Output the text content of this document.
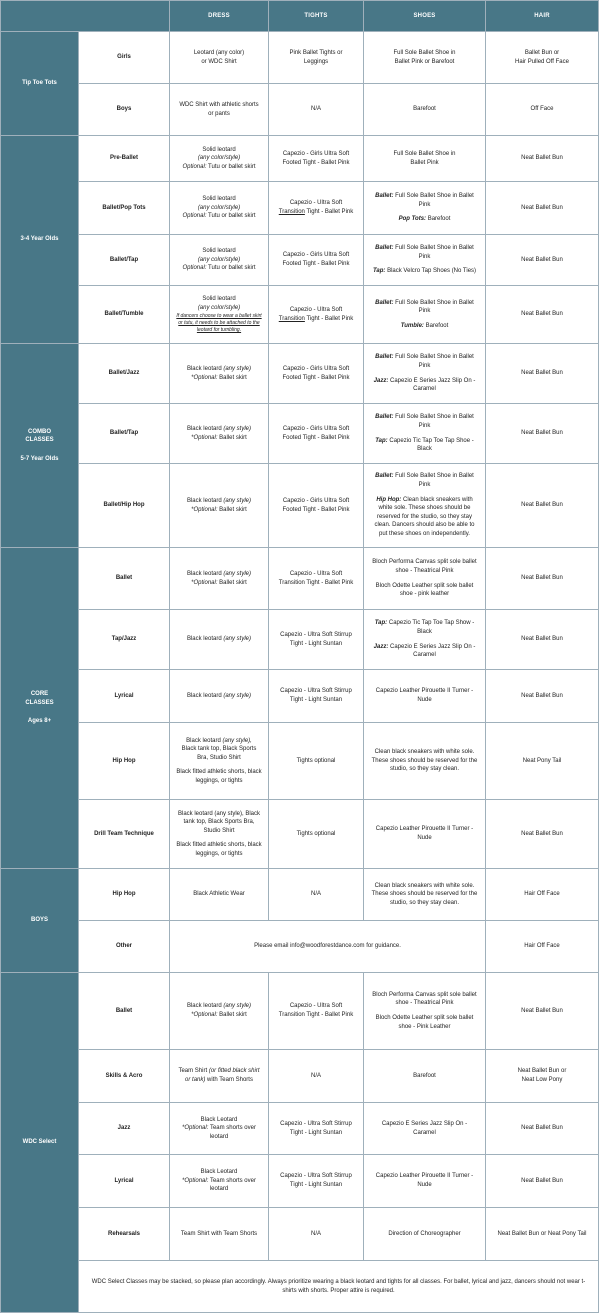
		DRESS	TIGHTS	SHOES	HAIR

Tip Toe Tots	Girls	Leotard (any color)
or WDC Shirt	Pink Ballet Tights or
Leggings	Full Sole Ballet Shoe in
Ballet Pink or Barefoot	Ballet Bun or
Hair Pulled Off Face

	Boys	WDC Shirt with athletic shorts
or pants	N/A	Barefoot	Off Face

3-4 Year Olds	Pre-Ballet	Solid leotard
(any color/style)
Optional: Tutu or ballet skirt	Capezio - Girls Ultra Soft
Footed Tight - Ballet Pink	Full Sole Ballet Shoe in
Ballet Pink	Neat Ballet Bun
	Ballet/Pop Tots	Solid leotard
(any color/style)
Optional: Tutu or ballet skirt	Capezio - Ultra Soft
Transition Tight - Ballet Pink	Ballet: Full Sole Ballet Shoe in Ballet Pink
Pop Tots: Barefoot	Neat Ballet Bun
	Ballet/Tap	Solid leotard
(any color/style)
Optional: Tutu or ballet skirt	Capezio - Girls Ultra Soft
Footed Tight - Ballet Pink	Ballet: Full Sole Ballet Shoe in Ballet Pink
Tap: Black Velcro Tap Shoes (No Ties)	Neat Ballet Bun
	Ballet/Tumble	Solid leotard
(any color/style)
If dancers choose to wear a ballet skirt or tutu, it needs to be attached to the leotard for tumbling.	Capezio - Ultra Soft
Transition Tight - Ballet Pink	Ballet: Full Sole Ballet Shoe in Ballet Pink
Tumble: Barefoot	Neat Ballet Bun

COMBO
CLASSES
5-7 Year Olds	Ballet/Jazz	Black leotard (any style)
*Optional: Ballet skirt	Capezio - Girls Ultra Soft
Footed Tight - Ballet Pink	Ballet: Full Sole Ballet Shoe in Ballet Pink
Jazz: Capezio E Series Jazz Slip On - Caramel	Neat Ballet Bun
	Ballet/Tap	Black leotard (any style)
*Optional: Ballet skirt	Capezio - Girls Ultra Soft
Footed Tight - Ballet Pink	Ballet: Full Sole Ballet Shoe in Ballet Pink
Tap: Capezio Tic Tap Toe Tap Shoe - Black	Neat Ballet Bun
	Ballet/Hip Hop	Black leotard (any style)
*Optional: Ballet skirt	Capezio - Girls Ultra Soft
Footed Tight - Ballet Pink	Ballet: Full Sole Ballet Shoe in Ballet Pink
Hip Hop: Clean black sneakers with white sole. These shoes should be reserved for the studio, so they stay clean. Dancers should also be able to put these shoes on independently.	Neat Ballet Bun

CORE
CLASSES
Ages 8+	Ballet	Black leotard (any style)
*Optional: Ballet skirt	Capezio - Ultra Soft
Transition Tight - Ballet Pink	Bloch Performa Canvas split sole ballet shoe - Theatrical Pink
Bloch Odette Leather split sole ballet shoe - pink leather	Neat Ballet Bun
	Tap/Jazz	Black leotard (any style)	Capezio - Ultra Soft Stirrup
Tight - Light Suntan	Tap: Capezio Tic Tap Toe Tap Show - Black
Jazz: Capezio E Series Jazz Slip On - Caramel	Neat Ballet Bun
	Lyrical	Black leotard (any style)	Capezio - Ultra Soft Stirrup
Tight - Light Suntan	Capezio Leather Pirouette II Turner -
Nude	Neat Ballet Bun
	Hip Hop	Black leotard (any style),
Black tank top, Black Sports Bra, Studio Shirt
Black fitted athletic shorts, black leggings, or tights	Tights optional	Clean black sneakers with white sole. These shoes should be reserved for the studio, so they stay clean.	Neat Pony Tail
	Drill Team Technique	Black leotard (any style), Black tank top, Black Sports Bra, Studio Shirt
Black fitted athletic shorts, black leggings, or tights	Tights optional	Capezio Leather Pirouette II Turner -
Nude	Neat Ballet Bun

BOYS	Hip Hop	Black Athletic Wear	N/A	Clean black sneakers with white sole. These shoes should be reserved for the studio, so they stay clean.	Hair Off Face
	Other	Please email info@woodforestdance.com for guidance.			Hair Off Face

WDC Select	Ballet	Black leotard (any style)
*Optional: Ballet skirt	Capezio - Ultra Soft
Transition Tight - Ballet Pink	Bloch Performa Canvas split sole ballet shoe - Theatrical Pink
Bloch Odette Leather split sole ballet shoe - Pink Leather	Neat Ballet Bun
	Skills & Acro	Team Shirt (or fitted black shirt or tank) with Team Shorts	N/A	Barefoot	Neat Ballet Bun or
Neat Low Pony

	Jazz	Black Leotard
*Optional: Team shorts over leotard	Capezio - Ultra Soft Stirrup
Tight - Light Suntan	Capezio E Series Jazz Slip On -
Caramel	Neat Ballet Bun
	Lyrical	Black Leotard
*Optional: Team shorts over leotard	Capezio - Ultra Soft Stirrup
Tight - Light Suntan	Capezio Leather Pirouette II Turner -
Nude	Neat Ballet Bun
	Rehearsals	Team Shirt with Team Shorts	N/A	Direction of Choreographer	Neat Ballet Bun or Neat Pony Tail
	WDC Select Classes may be stacked, so please plan accordingly. Always prioritize wearing a black leotard and tights for all classes. For ballet, lyrical and jazz, dancers should not wear t-shirts with shorts. Proper attire is required.				
